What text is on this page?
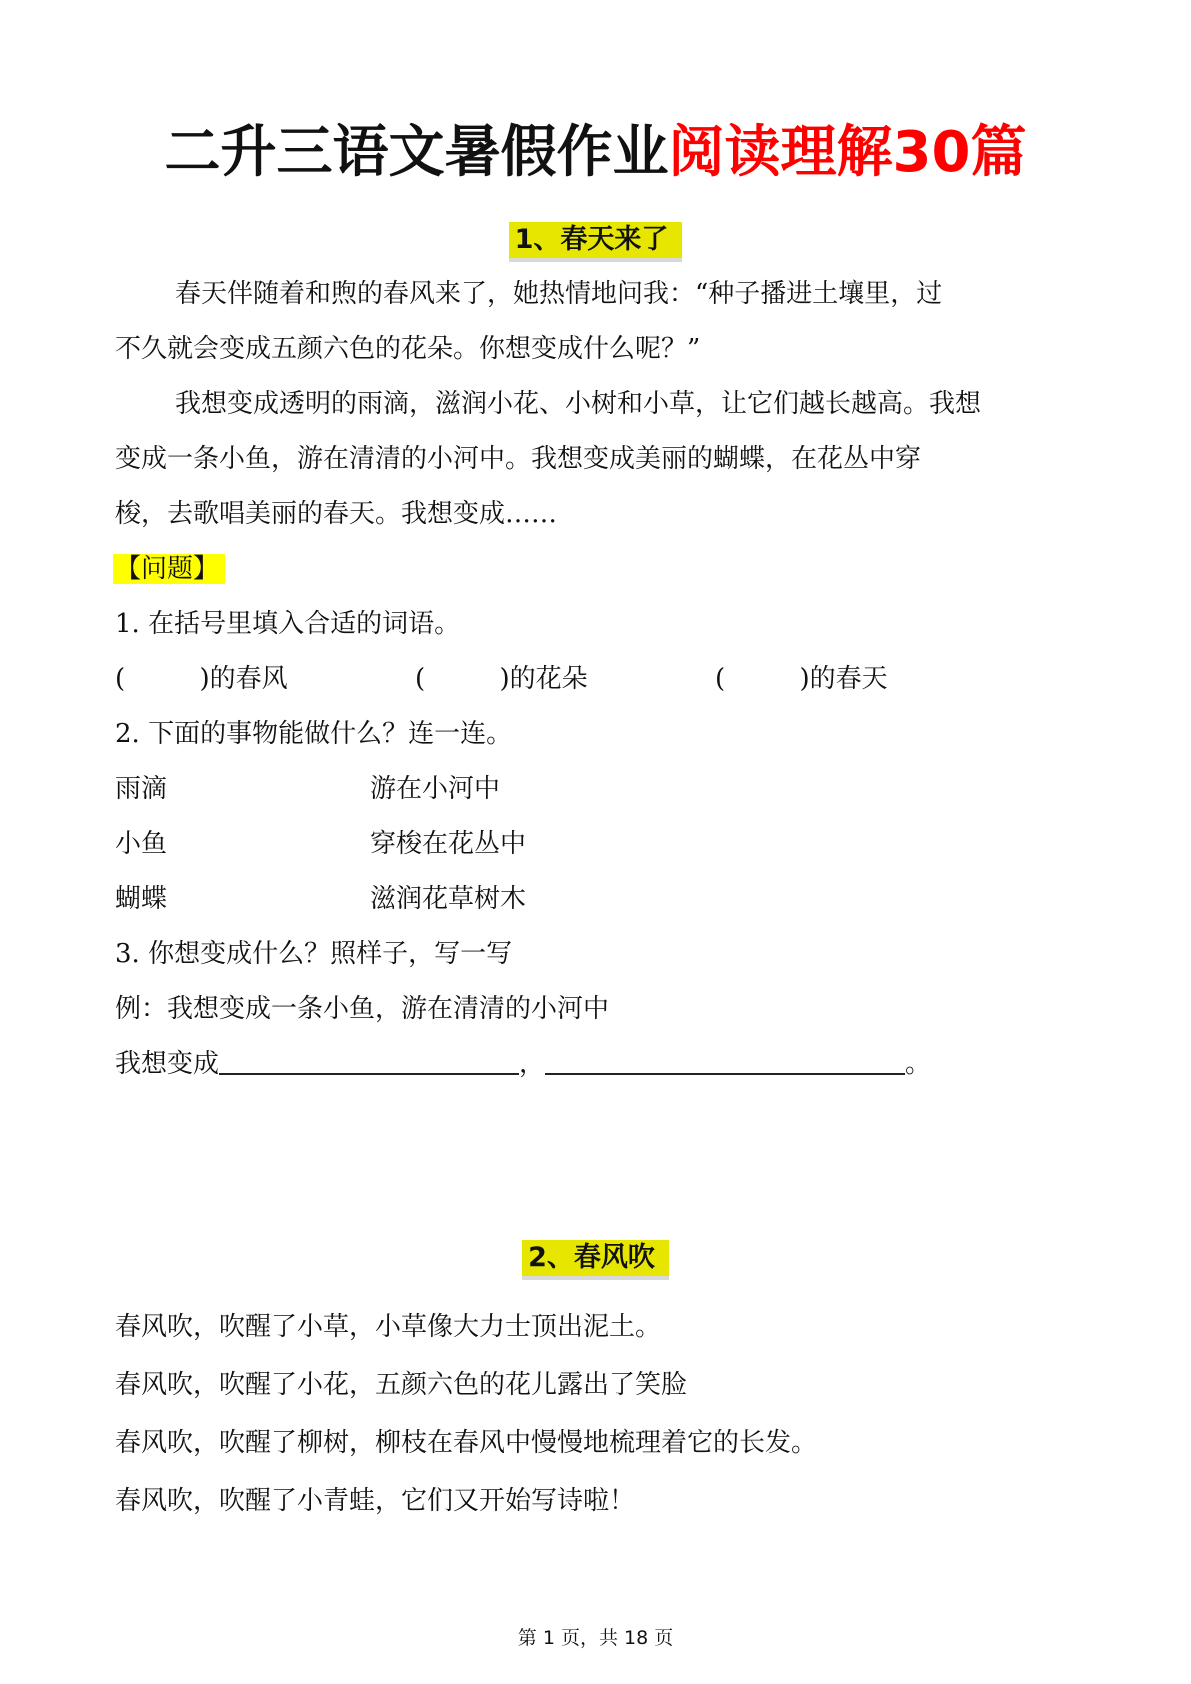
二升三语文暑假作业阅读理解30篇
1、春天来了
春天伴随着和煦的春风来了，她热情地问我：“种子播进土壤里，过
不久就会变成五颜六色的花朵。你想变成什么呢？”
我想变成透明的雨滴，滋润小花、小树和小草，让它们越长越高。我想
变成一条小鱼，游在清清的小河中。我想变成美丽的蝴蝶，在花丛中穿
梭，去歌唱美丽的春天。我想变成……
【问题】
1. 在括号里填入合适的词语。
(         )的春风	(         )的花朵	(         )的春天
2. 下面的事物能做什么？连一连。
雨滴	游在小河中
小鱼	穿梭在花丛中
蝴蝶	滋润花草树木
3. 你想变成什么？照样子，写一写
例：我想变成一条小鱼，游在清清的小河中
我想变成	，	。
2、春风吹
春风吹，吹醒了小草，小草像大力士顶出泥土。
春风吹，吹醒了小花，五颜六色的花儿露出了笑脸
春风吹，吹醒了柳树，柳枝在春风中慢慢地梳理着它的长发。
春风吹，吹醒了小青蛙，它们又开始写诗啦！
第 1 页，共 18 页
